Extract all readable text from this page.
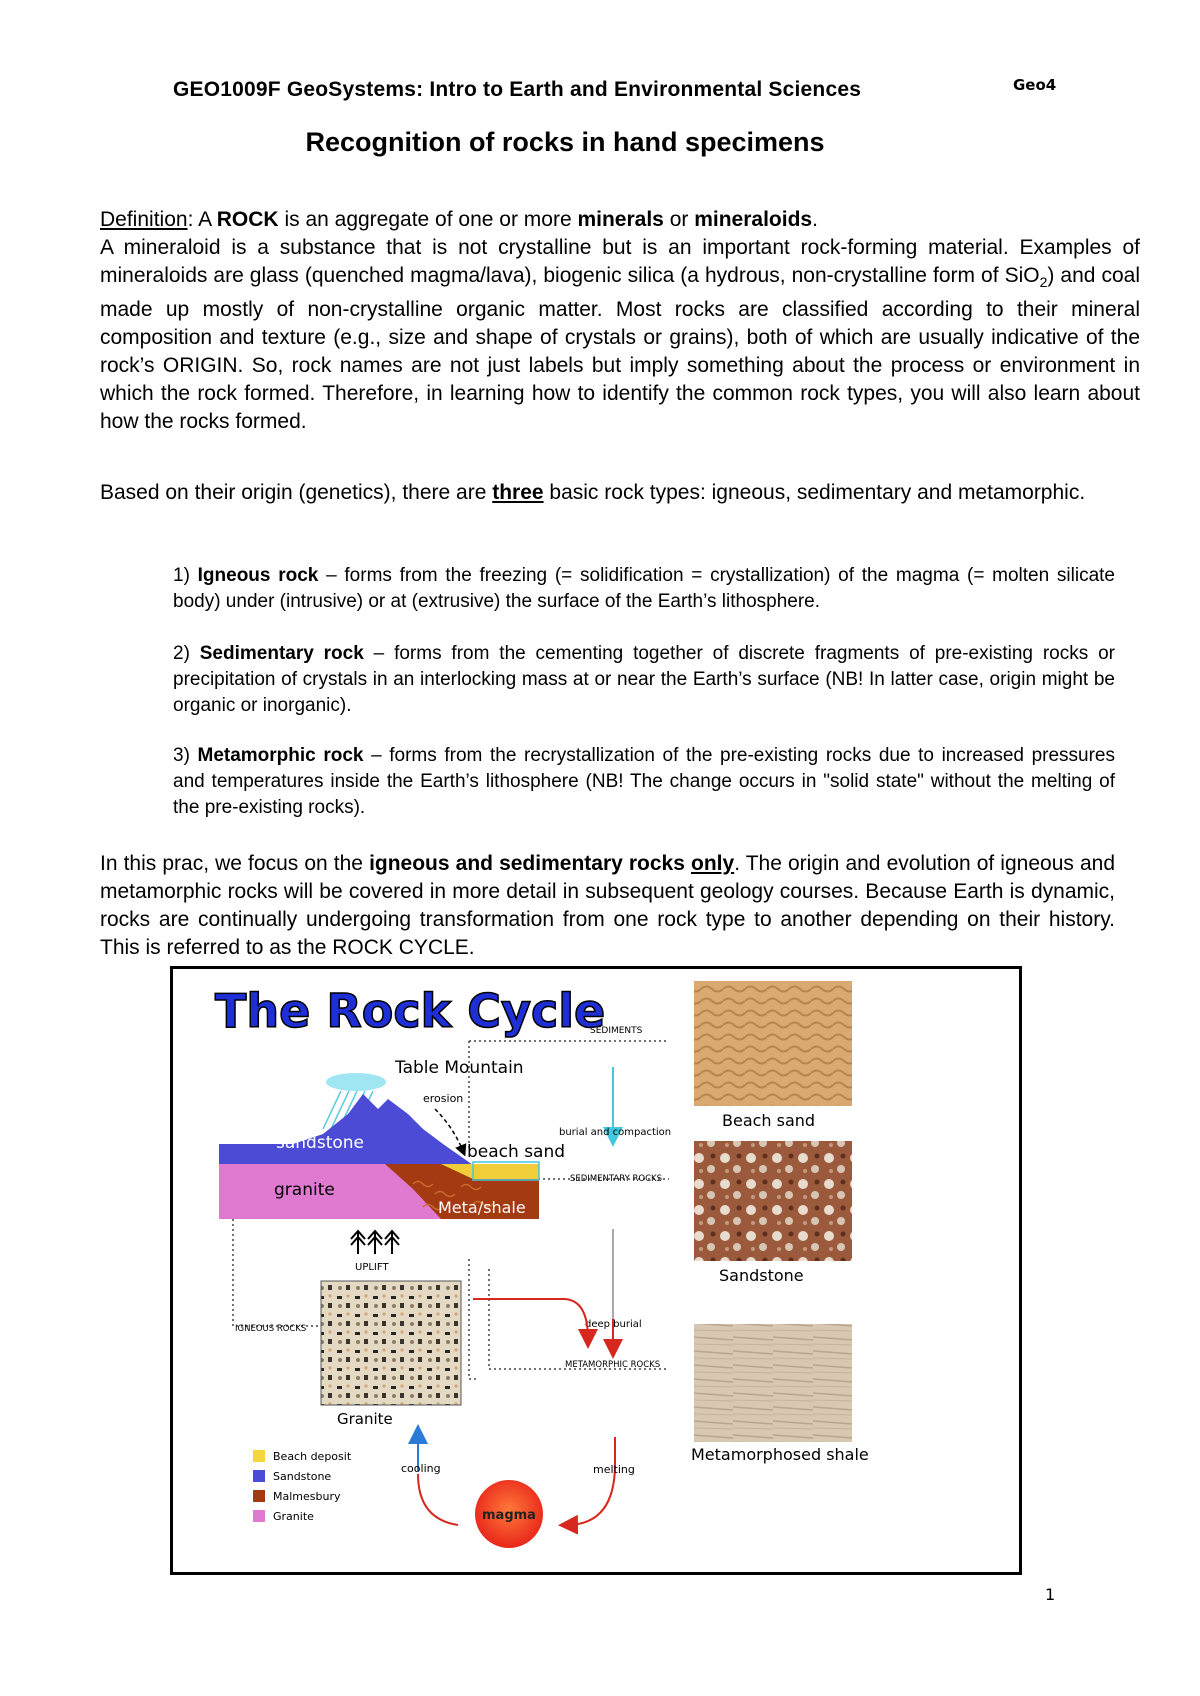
GEO1009F GeoSystems: Intro to Earth and Environmental Sciences	Geo4
Recognition of rocks in hand specimens

Definition: A ROCK is an aggregate of one or more minerals or mineraloids.

A mineraloid is a substance that is not crystalline but is an important rock-forming material. Examples of mineraloids are glass (quenched magma/lava), biogenic silica (a hydrous, non-crystalline form of SiO$_2$) and coal made up mostly of non-crystalline organic matter. Most rocks are classified according to their mineral composition and texture (e.g., size and shape of crystals or grains), both of which are usually indicative of the rock’s ORIGIN. So, rock names are not just labels but imply something about the process or environment in which the rock formed. Therefore, in learning how to identify the common rock types, you will also learn about how the rocks formed.

Based on their origin (genetics), there are three basic rock types: igneous, sedimentary and metamorphic.

1) Igneous rock – forms from the freezing (= solidification = crystallization) of the magma (= molten silicate body) under (intrusive) or at (extrusive) the surface of the Earth’s lithosphere.
2) Sedimentary rock – forms from the cementing together of discrete fragments of pre-existing rocks or precipitation of crystals in an interlocking mass at or near the Earth’s surface (NB! In latter case, origin might be organic or inorganic).
3) Metamorphic rock – forms from the recrystallization of the pre-existing rocks due to increased pressures and temperatures inside the Earth’s lithosphere (NB! The change occurs in "solid state" without the melting of the pre-existing rocks).

In this prac, we focus on the igneous and sedimentary rocks only. The origin and evolution of igneous and metamorphic rocks will be covered in more detail in subsequent geology courses. Because Earth is dynamic, rocks are continually undergoing transformation from one rock type to another depending on their history. This is referred to as the ROCK CYCLE.

The Rock Cycle
Table Mountain
erosion
sandstone	beach sand
granite
Meta/shale
UPLIFT
SEDIMENTS
burial and compaction
SEDIMENTARY ROCKS
deep burial
METAMORPHIC ROCKS
IGNEOUS ROCKS
Granite
Beach sand
Sandstone
Metamorphosed shale
cooling	melting
magma
Beach deposit
Sandstone
Malmesbury
Granite
1
